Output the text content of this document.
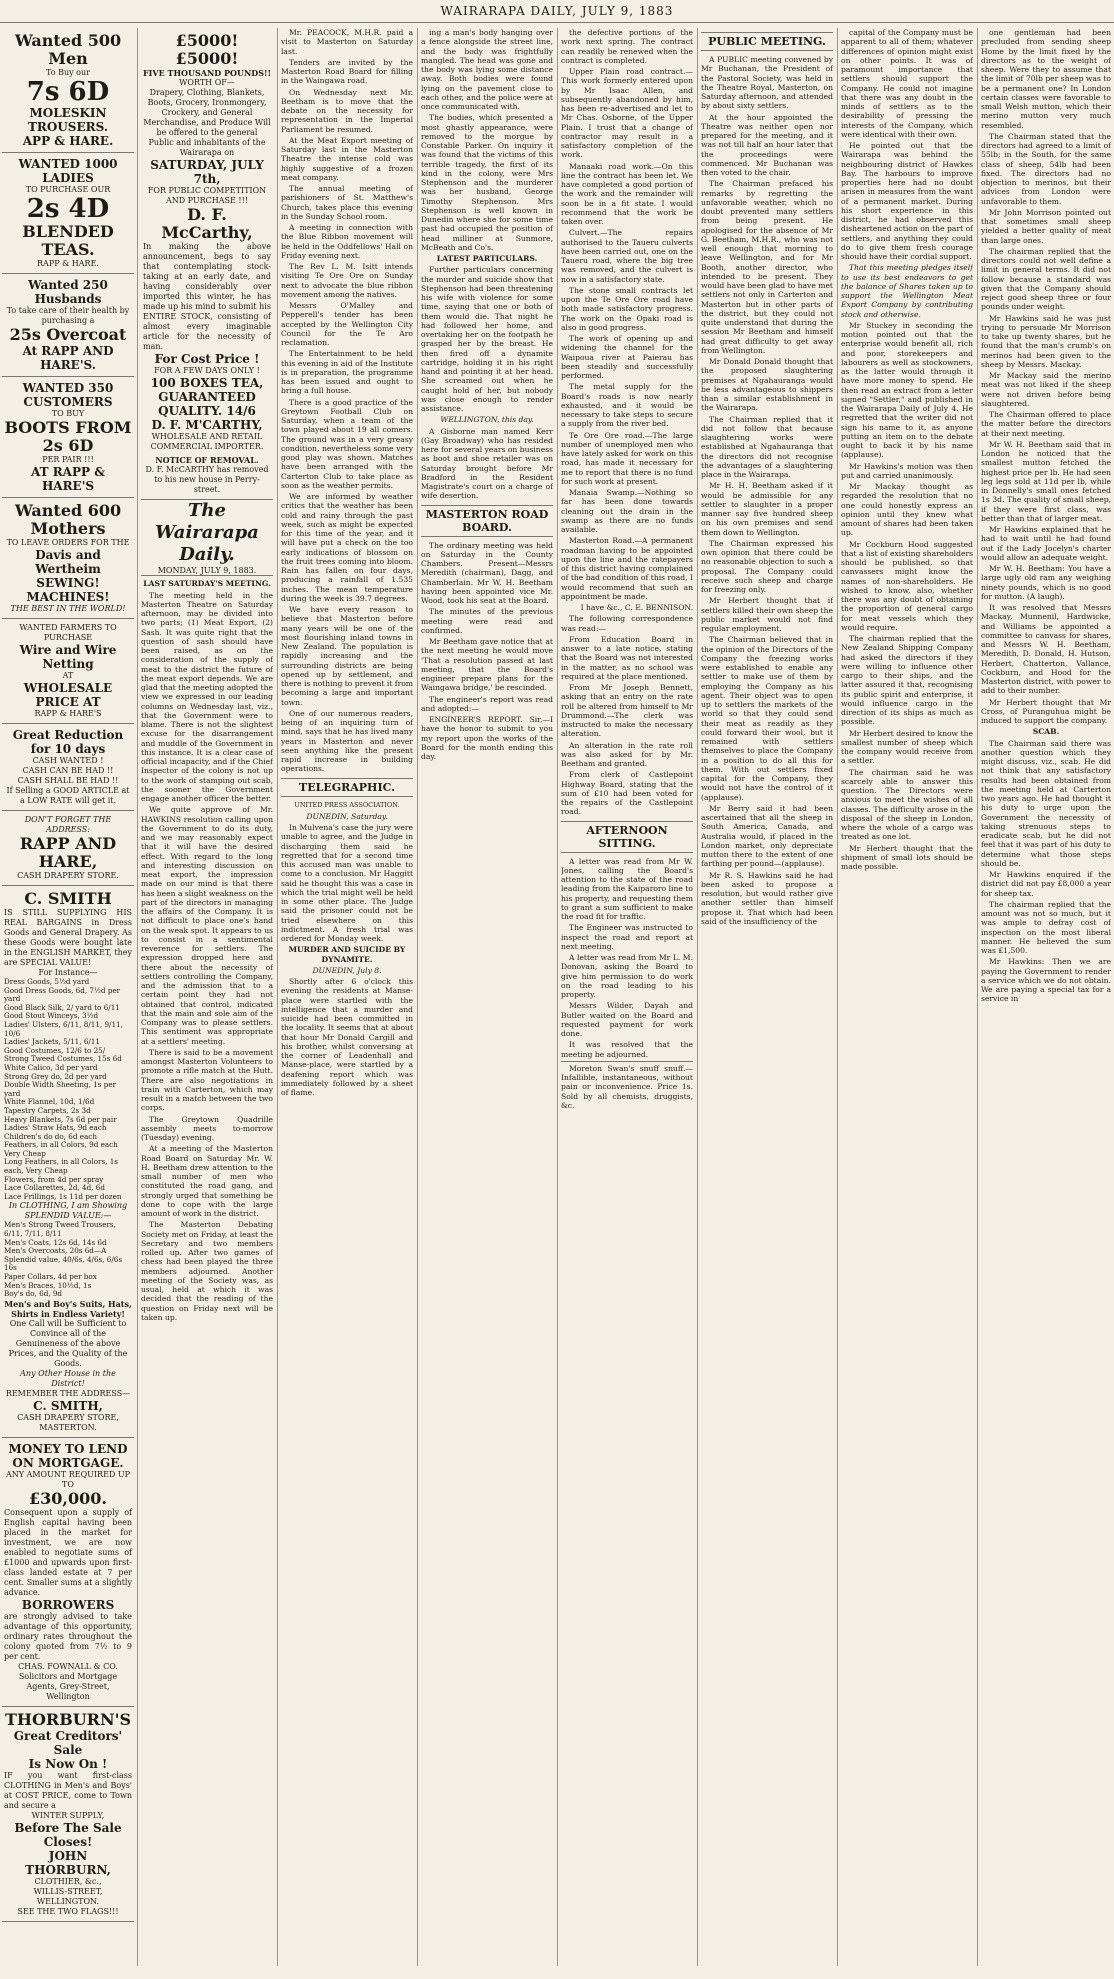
WAIRARAPA DAILY, JULY 9, 1883
Wanted 500 Men
To Buy our
7s 6D
MOLESKIN TROUSERS.
APP & HARE.
WANTED 1000 LADIES
TO PURCHASE OUR
2s 4D
BLENDED TEAS.
RAPP & HARE.
Wanted 250 Husbands
To take care of their health by purchasing a
25s Overcoat
At RAPP AND HARE'S.
WANTED 350 CUSTOMERS
TO BUY
BOOTS FROM 2s 6D
PER PAIR !!!
AT RAPP & HARE'S
Wanted 600 Mothers
TO LEAVE ORDERS FOR THE
Davis and Wertheim
SEWING! MACHINES!
THE BEST IN THE WORLD!
WANTED FARMERS TO PURCHASE
Wire and Wire Netting
AT
WHOLESALE PRICE AT
RAPP & HARE'S
Great Reduction for 10 days
CASH WANTED !
CASH CAN BE HAD !!
CASH SHALL BE HAD !!
If Selling a GOOD ARTICLE at a LOW RATE will get it.
DON'T FORGET THE ADDRESS:
RAPP AND HARE,
CASH DRAPERY STORE.
C. SMITH
IS STILL SUPPLYING HIS REAL BARGAINS in Dress Goods and General Drapery. As these Goods were bought late in the ENGLISH MARKET, they are SPECIAL VALUE!
For Instance—
Dress Goods, 5½d yard
Good Dress Goods, 6d, 7½d per yard
Good Black Silk, 2/ yard to 6/11
Good Stout Winceys, 3½d
Ladies' Ulsters, 6/11, 8/11, 9/11, 10/6
Ladies' Jackets, 5/11, 6/11
Good Costumes, 12/6 to 25/
Strong Tweed Costumes, 15s 6d
White Calico, 3d per yard
Strong Grey do, 2d per yard
Double Width Sheeting, 1s per yard
White Flannel, 10d, 1/6d
Tapestry Carpets, 2s 3d
Heavy Blankets, 7s 6d per pair
Ladies' Straw Hats, 9d each
Children's do do, 6d each
Feathers, in all Colors, 9d each
Very Cheap
Long Feathers, in all Colors, 1s each, Very Cheap
Flowers, from 4d per spray
Lace Collarettes, 2d, 4d, 6d
Lace Frillings, 1s 11d per dozen
In CLOTHING, I am Showing SPLENDID VALUE:—
Men's Strong Tweed Trousers, 6/11, 7/11, 8/11
Men's Coats, 12s 6d, 14s 6d
Men's Overcoats, 20s 6d—A Splendid value, 40/6s, 4/6s, 6/6s 16s
Paper Collars, 4d per box
Men's Braces, 10½d, 1s
Boy's do, 6d, 9d
Men's and Boy's Suits, Hats, Shirts in Endless Variety!
One Call will be Sufficient to Convince all of the Genuineness of the above Prices, and the Quality of the Goods.
Any Other House in the District!
REMEMBER THE ADDRESS—
C. SMITH,
CASH DRAPERY STORE, MASTERTON.
MONEY TO LEND ON MORTGAGE.
ANY AMOUNT REQUIRED UP TO
£30,000.
Consequent upon a supply of English capital having been placed in the market for investment, we are now enabled to negotiate sums of £1000 and upwards upon first-class landed estate at 7 per cent. Smaller sums at a slightly advance.
BORROWERS
are strongly advised to take advantage of this opportunity, ordinary rates throughout the colony quoted from 7½ to 9 per cent.
CHAS. FOWNALL & CO.
Solicitors and Mortgage Agents, Grey-Street, Wellington
THORBURN'S
Great Creditors' Sale
Is Now On !
IF you want first-class CLOTHING in Men's and Boys' at COST PRICE, come to Town and secure a
WINTER SUPPLY,
Before The Sale Closes!
JOHN THORBURN,
CLOTHIER, &c.,
WILLIS-STREET, WELLINGTON.
SEE THE TWO FLAGS!!!
£5000! £5000!
FIVE THOUSAND POUNDS!!
WORTH OF—
Drapery, Clothing, Blankets, Boots, Grocery, Ironmongery, Crockery, and General Merchandise, and Produce Will be offered to the general Public and inhabitants of the Wairarapa on
SATURDAY, JULY 7th,
FOR PUBLIC COMPETITION AND PURCHASE !!!
D. F. McCarthy,
In making the above announcement, begs to say that contemplating stock-taking at an early date, and having considerably over imported this winter, he has made up his mind to submit his ENTIRE STOCK, consisting of almost every imaginable article for the necessity of man.
For Cost Price !
FOR A FEW DAYS ONLY !
100 BOXES TEA, GUARANTEED QUALITY. 14/6
D. F. M'CARTHY,
WHOLESALE AND RETAIL COMMERCIAL IMPORTER.
NOTICE OF REMOVAL.
D. F. McCARTHY has removed to his new house in Perry-street.
The Wairarapa Daily.
MONDAY, JULY 9, 1883.

LAST SATURDAY'S MEETING.

The meeting held in the Masterton Theatre on Saturday afternoon, may be divided into two parts; (1) Meat Export, (2) Sash. It was quite right that the question of sash should have been raised, as on the consideration of the supply of meat to the district the future of the meat export depends. We are glad that the meeting adopted the view we expressed in our leading columns on Wednesday last, viz., that the Government were to blame. There is not the slightest excuse for the disarrangement and muddle of the Government in this instance. It is a clear case of official incapacity, and if the Chief Inspector of the colony is not up to the work of stamping out scab, the sooner the Government engage another officer the better.

We quite approve of Mr. HAWKINS resolution calling upon the Government to do its duty, and we may reasonably expect that it will have the desired effect. With regard to the long and interesting discussion on meat export, the impression made on our mind is that there has been a slight weakness on the part of the directors in managing the affairs of the Company. It is not difficult to place one's hand on the weak spot. It appears to us to consist in a sentimental reverence for settlers. The expression dropped here and there about the necessity of settlers controlling the Company, and the admission that to a certain point they had not obtained that control, indicated that the main and sole aim of the Company was to please settlers. This sentiment was appropriate at a settlers' meeting.

There is said to be a movement amongst Masterton Volunteers to promote a rifle match at the Hutt. There are also negotiations in train with Carterton, which may result in a match between the two corps.

The Greytown Quadrille assembly meets to-morrow (Tuesday) evening.

At a meeting of the Masterton Road Board on Saturday Mr. W. H. Beetham drew attention to the small number of men who constituted the road gang, and strongly urged that something be done to cope with the large amount of work in the district.

The Masterton Debating Society met on Friday, at least the Secretary and two members rolled up. After two games of chess had been played the three members adjourned. Another meeting of the Society was, as usual, held at which it was decided that the reading of the question on Friday next will be taken up.

Mr. PEACOCK, M.H.R. paid a visit to Masterton on Saturday last.

Tenders are invited by the Masterton Road Board for filling in the Waingawa road.

On Wednesday next Mr. Beetham is to move that the debate on the necessity for representation in the Imperial Parliament be resumed.

At the Meat Export meeting of Saturday last in the Masterton Theatre the intense cold was highly suggestive of a frozen meat company.

The annual meeting of parishioners of St. Matthew's Church, takes place this evening in the Sunday School room.

A meeting in connection with the Blue Ribbon movement will be held in the Oddfellows' Hall on Friday evening next.

The Rev L. M. Isitt intends visiting Te Ore Ore on Sunday next to advocate the blue ribbon movement among the natives.

Messrs O'Malley and Pepperell's tender has been accepted by the Wellington City Council for the Te Aro reclamation.

The Entertainment to be held this evening in aid of the Institute is in preparation, the programme has been issued and ought to bring a full house.

There is a good practice of the Greytown Football Club on Saturday, when a team of the town played about 19 all comers. The ground was in a very greasy condition, nevertheless some very good play was shown. Matches have been arranged with the Carterton Club to take place as soon as the weather permits.

We are informed by weather critics that the weather has been cold and rainy through the past week, such as might be expected for this time of the year, and it will have put a check on the too early indications of blossom on the fruit trees coming into bloom. Rain has fallen on four days, producing a rainfall of 1.535 inches. The mean temperature during the week is 39.7 degrees.

We have every reason to believe that Masterton before many years will be one of the most flourishing inland towns in New Zealand. The population is rapidly increasing and the surrounding districts are being opened up by settlement, and there is nothing to prevent it from becoming a large and important town.

One of our numerous readers, being of an inquiring turn of mind, says that he has lived many years in Masterton and never seen anything like the present rapid increase in building operations.

TELEGRAPHIC.

UNITED PRESS ASSOCIATION.

DUNEDIN, Saturday.

In Mulvena's case the jury were unable to agree, and the Judge in discharging them said he regretted that for a second time this accused man was unable to come to a conclusion. Mr Haggitt said he thought this was a case in which the trial might well be held in some other place. The Judge said the prisoner could not be tried elsewhere on this indictment. A fresh trial was ordered for Monday week.

MURDER AND SUICIDE BY DYNAMITE.

DUNEDIN, July 8.

Shortly after 6 o'clock this evening the residents at Manse-place were startled with the intelligence that a murder and suicide had been committed in the locality. It seems that at about that hour Mr Donald Cargill and his brother, whilst conversing at the corner of Leadenhall and Manse-place, were startled by a deafening report which was immediately followed by a sheet of flame.

ing a man's body hanging over a fence alongside the street line, and the body was frightfully mangled. The head was gone and the body was lying some distance away. Both bodies were found lying on the pavement close to each other, and the police were at once communicated with.

The bodies, which presented a most ghastly appearance, were removed to the morgue by Constable Parker. On inquiry it was found that the victims of this terrible tragedy, the first of its kind in the colony, were Mrs Stephenson and the murderer was her husband, George Timothy Stephenson. Mrs Stephenson is well known in Dunedin where she for some time past had occupied the position of head milliner at Sunmore, McBeath and Co's.

LATEST PARTICULARS.

Further particulars concerning the murder and suicide show that Stephenson had been threatening his wife with violence for some time, saying that one or both of them would die. That night he had followed her home, and overtaking her on the footpath he grasped her by the breast. He then fired off a dynamite cartridge, holding it in his right hand and pointing it at her head. She screamed out when he caught hold of her, but nobody was close enough to render assistance.

WELLINGTON, this day.

A Gisborne man named Kerr (Gay Broadway) who has resided here for several years on business as boot and shoe retailer was on Saturday brought before Mr Bradford in the Resident Magistrate's court on a charge of wife desertion.

MASTERTON ROAD BOARD.

The ordinary meeting was held on Saturday in the County Chambers. Present—Messrs Meredith (chairman), Dagg, and Chamberlain. Mr W. H. Beetham having been appointed vice Mr. Wood, took his seat at the Board.

The minutes of the previous meeting were read and confirmed.

Mr Beetham gave notice that at the next meeting he would move 'That a resolution passed at last meeting, that the Board's engineer prepare plans for the Waingawa bridge,' be rescinded.

The engineer's report was read and adopted:—

ENGINEER'S REPORT. Sir,—I have the honor to submit to you my report upon the works of the Board for the month ending this day.

the defective portions of the work next spring. The contract can readily be renewed when the contract is completed.

Upper Plain road contract.—This work formerly entered upon by Mr Isaac Allen, and subsequently abandoned by him, has been re-advertised and let to Mr Chas. Osborne, of the Upper Plain. I trust that a change of contractor may result in a satisfactory completion of the work.

Manaaki road work.—On this line the contract has been let. We have completed a good portion of the work and the remainder will soon be in a fit state. I would recommend that the work be taken over.

Culvert.—The repairs authorised to the Taueru culverts have been carried out, one on the Taueru road, where the big tree was removed, and the culvert is now in a satisfactory state.

The stone small contracts let upon the Te Ore Ore road have both made satisfactory progress. The work on the Opaki road is also in good progress.

The work of opening up and widening the channel for the Waipoua river at Paierau has been steadily and successfully performed.

The metal supply for the Board's roads is now nearly exhausted, and it would be necessary to take steps to secure a supply from the river bed.

Te Ore Ore road.—The large number of unemployed men who have lately asked for work on this road, has made it necessary for me to report that there is no fund for such work at present.

Manaia Swamp.—Nothing so far has been done towards cleaning out the drain in the swamp as there are no funds available.

Masterton Road.—A permanent roadman having to be appointed upon the line and the ratepayers of this district having complained of the bad condition of this road, I would recommend that such an appointment be made.

I have &c., C. E. BENNISON.

The following correspondence was read:—

From Education Board in answer to a late notice, stating that the Board was not interested in the matter, as no school was required at the place mentioned.

From Mr Joseph Bennett, asking that an entry on the rate roll be altered from himself to Mr Drummond.—The clerk was instructed to make the necessary alteration.

An alteration in the rate roll was also asked for by Mr. Beetham and granted.

From clerk of Castlepoint Highway Board, stating that the sum of £10 had been voted for the repairs of the Castlepoint road.

AFTERNOON SITTING.

A letter was read from Mr W. Jones, calling the Board's attention to the state of the road leading from the Kaiparoro line to his property, and requesting them to grant a sum sufficient to make the road fit for traffic.

The Engineer was instructed to inspect the road and report at next meeting.

A letter was read from Mr L. M. Donovan, asking the Board to give him permission to do work on the road leading to his property.

Messrs Wilder, Dayah and Butler waited on the Board and requested payment for work done.

It was resolved that the meeting be adjourned.

Moreton Swan's snuff snuff.—Infallible, instantaneous, without pain or inconvenience. Price 1s. Sold by all chemists, druggists, &c.

PUBLIC MEETING.

A PUBLIC meeting convened by Mr Buchanan, the President of the Pastoral Society, was held in the Theatre Royal, Masterton, on Saturday afternoon, and attended by about sixty settlers.

At the hour appointed the Theatre was neither open nor prepared for the meeting, and it was not till half an hour later that the proceedings were commenced. Mr Buchanan was then voted to the chair.

The Chairman prefaced his remarks by regretting the unfavorable weather, which no doubt prevented many settlers from being present. He apologised for the absence of Mr G. Beetham, M.H.R., who was not well enough that morning to leave Wellington, and for Mr Booth, another director, who intended to be present. They would have been glad to have met settlers not only in Carterton and Masterton but in other parts of the district, but they could not quite understand that during the session Mr Beetham and himself had great difficulty to get away from Wellington.

Mr Donald Donald thought that the proposed slaughtering premises at Ngahauranga would be less advantageous to shippers than a similar establishment in the Wairarapa.

The Chairman replied that it did not follow that because slaughtering works were established at Ngahauranga that the directors did not recognise the advantages of a slaughtering place in the Wairarapa.

Mr H. H. Beetham asked if it would be admissible for any settler to slaughter in a proper manner say five hundred sheep on his own premises and send them down to Wellington.

The Chairman expressed his own opinion that there could be no reasonable objection to such a proposal. The Company could receive such sheep and charge for freezing only.

Mr Herbert thought that if settlers killed their own sheep the public market would not find regular employment.

The Chairman believed that in the opinion of the Directors of the Company the freezing works were established to enable any settler to make use of them by employing the Company as his agent. Their object was to open up to settlers the markets of the world so that they could send their meat as readily as they could forward their wool, but it remained with settlers themselves to place the Company in a position to do all this for them. With out settlers fixed capital for the Company, they would not have the control of it (applause).

Mr Berry said it had been ascertained that all the sheep in South America, Canada, and Australia would, if placed in the London market, only depreciate mutton there to the extent of one farthing per pound—(applause).

Mr R. S. Hawkins said he had been asked to propose a resolution, but would rather give another settler than himself propose it. That which had been said of the insufficiency of the

capital of the Company must be apparent to all of them; whatever differences of opinion might exist on other points. It was of paramount importance that settlers should support the Company. He could not imagine that there was any doubt in the minds of settlers as to the desirability of pressing the interests of the Company, which were identical with their own.

He pointed out that the Wairarapa was behind the neighbouring district of Hawkes Bay. The harbours to improve properties here had no doubt arisen in measures from the want of a permanent market. During his short experience in this district, he had observed this disheartened action on the part of settlers, and anything they could do to give them fresh courage should have their cordial support.

That this meeting pledges itself to use its best endeavors to get the balance of Shares taken up to support the Wellington Meat Export Company by contributing stock and otherwise.

Mr Stuckey in seconding the motion pointed out that the enterprise would benefit all, rich and poor, storekeepers and labourers as well as stockowners, as the latter would through it have more money to spend. He then read an extract from a letter signed "Settler," and published in the Wairarapa Daily of July 4. He regretted that the writer did not sign his name to it, as anyone putting an item on to the debate ought to back it by his name (applause).

Mr Hawkins's motion was then put and carried unanimously.

Mr Mackay thought as regarded the resolution that no one could honestly express an opinion until they knew what amount of shares had been taken up.

Mr Cockburn Hood suggested that a list of existing shareholders should be published, so that canvassers might know the names of non-shareholders. He wished to know, also, whether there was any doubt of obtaining the proportion of general cargo for meat vessels which they would require.

The chairman replied that the New Zealand Shipping Company had asked the directors if they were willing to influence other cargo to their ships, and the latter assured it that, recognising its public spirit and enterprise, it would influence cargo in the direction of its ships as much as possible.

Mr Herbert desired to know the smallest number of sheep which the company would receive from a settler.

The chairman said he was scarcely able to answer this question. The Directors were anxious to meet the wishes of all classes. The difficulty arose in the disposal of the sheep in London, where the whole of a cargo was treated as one lot.

Mr Herbert thought that the shipment of small lots should be made possible.

one gentleman had been precluded from sending sheep Home by the limit fixed by the directors as to the weight of sheep. Were they to assume that the limit of 70lb per sheep was to be a permanent one? In London certain classes were favorable to small Welsh mutton, which their merino mutton very much resembled.

The Chairman stated that the directors had agreed to a limit of 55lb; in the South, for the same class of sheep, 54lb had been fixed. The directors had no objection to merinos, but their advices from London were unfavorable to them.

Mr John Morrison pointed out that sometimes small sheep yielded a better quality of meat than large ones.

The chairman replied that the directors could not well define a limit in general terms. It did not follow because a standard was given that the Company should reject good sheep three or four pounds under weight.

Mr Hawkins said he was just trying to persuade Mr Morrison to take up twenty shares, but he found that the man's crumb's on merinos had been given to the sheep by Messrs. Mackay.

Mr Mackay said the merino meat was not liked if the sheep were not driven before being slaughtered.

The Chairman offered to place the matter before the directors at their next meeting.

Mr W. H. Beetham said that in London he noticed that the smallest mutton fetched the highest price per lb. He had seen leg legs sold at 11d per lb, while in Donnelly's small ones fetched 1s 3d. The quality of small sheep, if they were first class, was better than that of larger meat.

Mr Hawkins explained that he had to wait until he had found out if the Lady Jocelyn's charter would allow an adequate weight.

Mr W. H. Beetham: You have a large ugly old ram any weighing ninety pounds, which is no good for mutton. (A laugh).

It was resolved that Messrs Mackay, Munnenil, Hardwicke, and Williams be appointed a committee to canvass for shares, and Messrs W. H. Beetham, Meredith, D. Donald, H. Hutson, Herbert, Chatterton, Vallance, Cockburn, and Hood for the Masterton district, with power to add to their number.

Mr Herbert thought that Mr Cross, of Puranguhua might be induced to support the company.

SCAB.

The Chairman said there was another question which they might discuss, viz., scab. He did not think that any satisfactory results had been obtained from the meeting held at Carterton two years ago. He had thought it his duty to urge upon the Government the necessity of taking strenuous steps to eradicate scab, but he did not feel that it was part of his duty to determine what those steps should be.

Mr Hawkins enquired if the district did not pay £8,000 a year for sheep tax.

The chairman replied that the amount was not so much, but it was ample to defray cost of inspection on the most liberal manner. He believed the sum was £1,500.

Mr Hawkins: Then we are paying the Government to render a service which we do not obtain. We are paying a special tax for a service in
